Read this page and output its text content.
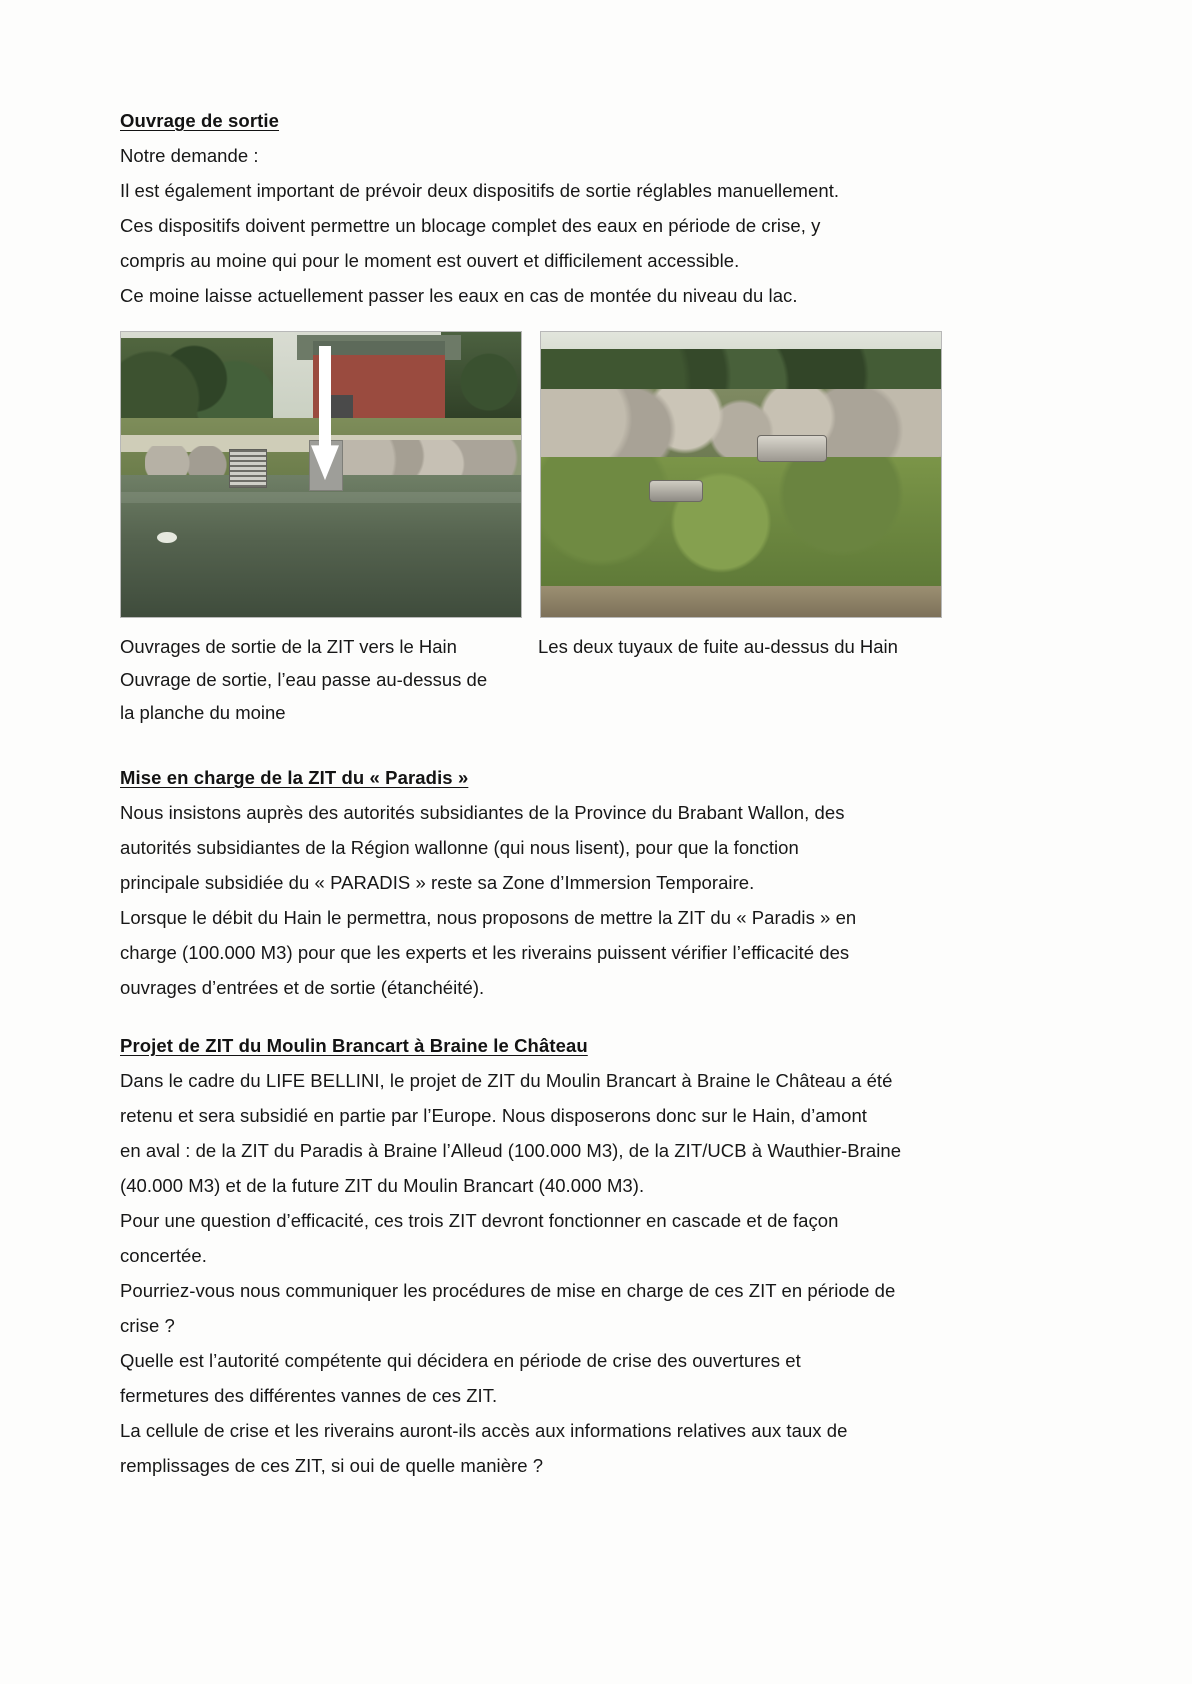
Ouvrage de sortie

Notre demande :

Il est également important de prévoir deux dispositifs de sortie réglables manuellement.

Ces dispositifs doivent permettre un blocage complet des eaux en période de crise, y

compris au moine qui pour le moment est ouvert et difficilement accessible.

Ce moine laisse actuellement passer les eaux en cas de montée du niveau du lac.

Ouvrages de sortie de la ZIT vers le Hain

Ouvrage de sortie, l’eau passe au-dessus de

la planche du moine

Les deux tuyaux de fuite au-dessus du Hain

Mise en charge de la ZIT du « Paradis »

Nous insistons auprès des autorités subsidiantes de la Province du Brabant Wallon, des

autorités subsidiantes de la Région wallonne (qui nous lisent), pour que la fonction

principale subsidiée du « PARADIS » reste sa Zone d’Immersion Temporaire.

Lorsque le débit du Hain le permettra, nous proposons de mettre la ZIT du « Paradis » en

charge (100.000 M3) pour que les experts et les riverains puissent vérifier l’efficacité des

ouvrages d’entrées et de sortie (étanchéité).

Projet de ZIT du Moulin Brancart à Braine le Château

Dans le cadre du LIFE BELLINI, le projet de ZIT du Moulin Brancart à Braine le Château a été

retenu et sera subsidié en partie par l’Europe. Nous disposerons donc sur le Hain, d’amont

en aval : de la ZIT du Paradis à Braine l’Alleud (100.000 M3), de la ZIT/UCB à Wauthier-Braine

(40.000 M3) et de la future ZIT du Moulin Brancart (40.000 M3).

Pour une question d’efficacité, ces trois ZIT devront fonctionner en cascade et de façon

concertée.

Pourriez-vous nous communiquer les procédures de mise en charge de ces ZIT en période de

crise ?

Quelle est l’autorité compétente qui décidera en période de crise des ouvertures et

fermetures des différentes vannes de ces ZIT.

La cellule de crise et les riverains auront-ils accès aux informations relatives aux taux de

remplissages de ces ZIT, si oui de quelle manière ?
